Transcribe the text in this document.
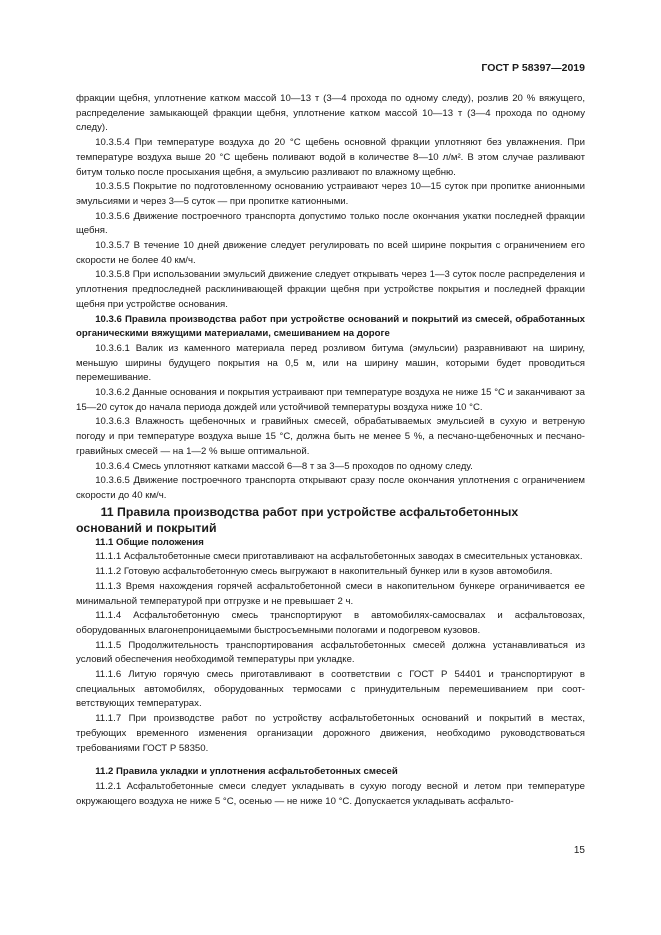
ГОСТ Р 58397—2019

фракции щебня, уплотнение катком массой 10—13 т (3—4 прохода по одному следу), розлив 20 % вяжущего, распределение замыкающей фракции щебня, уплотнение катком массой 10—13 т (3—4 прохода по одному следу).

10.3.5.4 При температуре воздуха до 20 °С щебень основной фракции уплотняют без увлажнения. При температуре воздуха выше 20 °С щебень поливают водой в количестве 8—10 л/м². В этом случае разливают битум только после просыхания щебня, а эмульсию разливают по влажному щебню.

10.3.5.5 Покрытие по подготовленному основанию устраивают через 10—15 суток при пропитке анионными эмульсиями и через 3—5 суток — при пропитке катионными.

10.3.5.6 Движение построечного транспорта допустимо только после окончания укатки последней фракции щебня.

10.3.5.7 В течение 10 дней движение следует регулировать по всей ширине покрытия с ограничением его скорости не более 40 км/ч.

10.3.5.8 При использовании эмульсий движение следует открывать через 1—3 суток после распределения и уплотнения предпоследней расклинивающей фракции щебня при устройстве покрытия и последней фракции щебня при устройстве основания.

10.3.6 Правила производства работ при устройстве оснований и покрытий из смесей, обработанных органическими вяжущими материалами, смешиванием на дороге

10.3.6.1 Валик из каменного материала перед розливом битума (эмульсии) разравнивают на ширину, меньшую ширины будущего покрытия на 0,5 м, или на ширину машин, которыми будет проводиться перемешивание.

10.3.6.2 Данные основания и покрытия устраивают при температуре воздуха не ниже 15 °С и заканчивают за 15—20 суток до начала периода дождей или устойчивой температуры воздуха ниже 10 °С.

10.3.6.3 Влажность щебеночных и гравийных смесей, обрабатываемых эмульсией в сухую и ветреную погоду и при температуре воздуха выше 15 °С, должна быть не менее 5 %, а песчано-щебеночных и песчано-гравийных смесей — на 1—2 % выше оптимальной.

10.3.6.4 Смесь уплотняют катками массой 6—8 т за 3—5 проходов по одному следу.

10.3.6.5 Движение построечного транспорта открывают сразу после окончания уплотнения с ограничением скорости до 40 км/ч.

11 Правила производства работ при устройстве асфальтобетонных оснований и покрытий

11.1 Общие положения

11.1.1 Асфальтобетонные смеси приготавливают на асфальтобетонных заводах в смесительных установках.

11.1.2 Готовую асфальтобетонную смесь выгружают в накопительный бункер или в кузов автомобиля.

11.1.3 Время нахождения горячей асфальтобетонной смеси в накопительном бункере ограничивается ее минимальной температурой при отгрузке и не превышает 2 ч.

11.1.4 Асфальтобетонную смесь транспортируют в автомобилях-самосвалах и асфальтовозах, оборудованных влагонепроницаемыми быстросъемными пологами и подогревом кузовов.

11.1.5 Продолжительность транспортирования асфальтобетонных смесей должна устанавливаться из условий обеспечения необходимой температуры при укладке.

11.1.6 Литую горячую смесь приготавливают в соответствии с ГОСТ Р 54401 и транспортируют в специальных автомобилях, оборудованных термосами с принудительным перемешиванием при соответствующих температурах.

11.1.7 При производстве работ по устройству асфальтобетонных оснований и покрытий в местах, требующих временного изменения организации дорожного движения, необходимо руководствоваться требованиями ГОСТ Р 58350.

11.2 Правила укладки и уплотнения асфальтобетонных смесей

11.2.1 Асфальтобетонные смеси следует укладывать в сухую погоду весной и летом при температуре окружающего воздуха не ниже 5 °С, осенью — не ниже 10 °С. Допускается укладывать асфальто-

15
